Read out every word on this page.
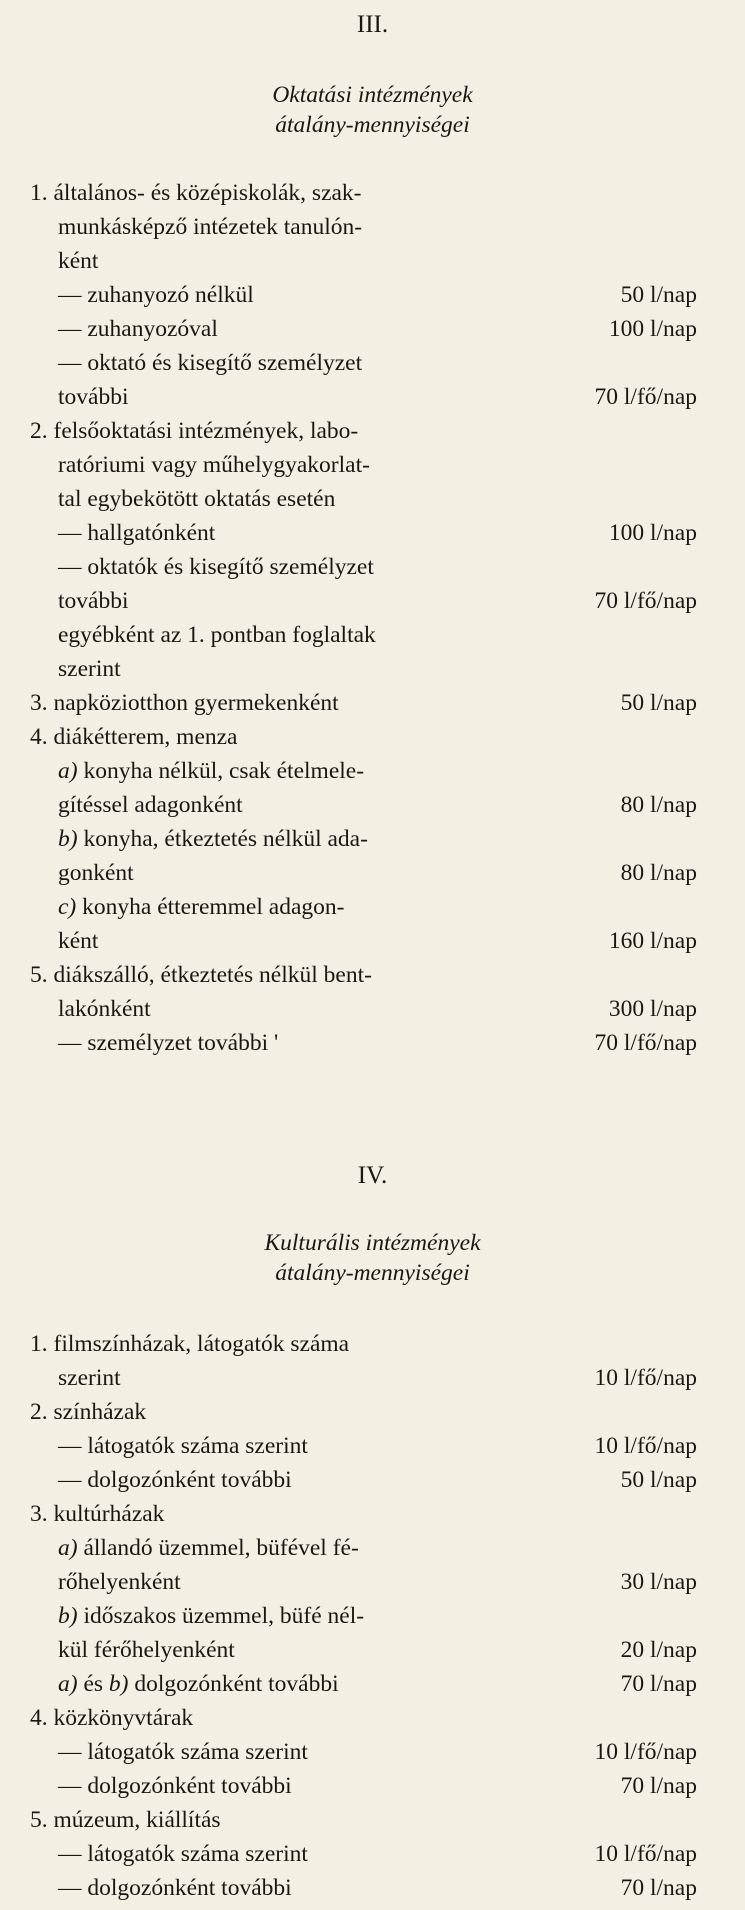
III.
Oktatási intézmények
átalány-mennyiségei
1. általános- és középiskolák, szak-
munkásképző intézetek tanulón-
ként
— zuhanyozó nélkül	50 l/nap
— zuhanyozóval	100 l/nap
— oktató és kisegítő személyzet
további	70 l/fő/nap
2. felsőoktatási intézmények, labo-
ratóriumi vagy műhelygyakorlat-
tal egybekötött oktatás esetén
— hallgatónként	100 l/nap
— oktatók és kisegítő személyzet
további	70 l/fő/nap
egyébként az 1. pontban foglaltak
szerint
3. napköziotthon gyermekenként	50 l/nap
4. diákétterem, menza
a) konyha nélkül, csak ételmele-
gítéssel adagonként	80 l/nap
b) konyha, étkeztetés nélkül ada-
gonként	80 l/nap
c) konyha étteremmel adagon-
ként	160 l/nap
5. diákszálló, étkeztetés nélkül bent-
lakónként	300 l/nap
— személyzet további '	70 l/fő/nap
IV.
Kulturális intézmények
átalány-mennyiségei
1. filmszínházak, látogatók száma
szerint	10 l/fő/nap
2. színházak
— látogatók száma szerint	10 l/fő/nap
— dolgozónként további	50 l/nap
3. kultúrházak
a) állandó üzemmel, büfével fé-
rőhelyenként	30 l/nap
b) időszakos üzemmel, büfé nél-
kül férőhelyenként	20 l/nap
a) és b) dolgozónként további	70 l/nap
4. közkönyvtárak
— látogatók száma szerint	10 l/fő/nap
— dolgozónként további	70 l/nap
5. múzeum, kiállítás
— látogatók száma szerint	10 l/fő/nap
— dolgozónként további	70 l/nap
